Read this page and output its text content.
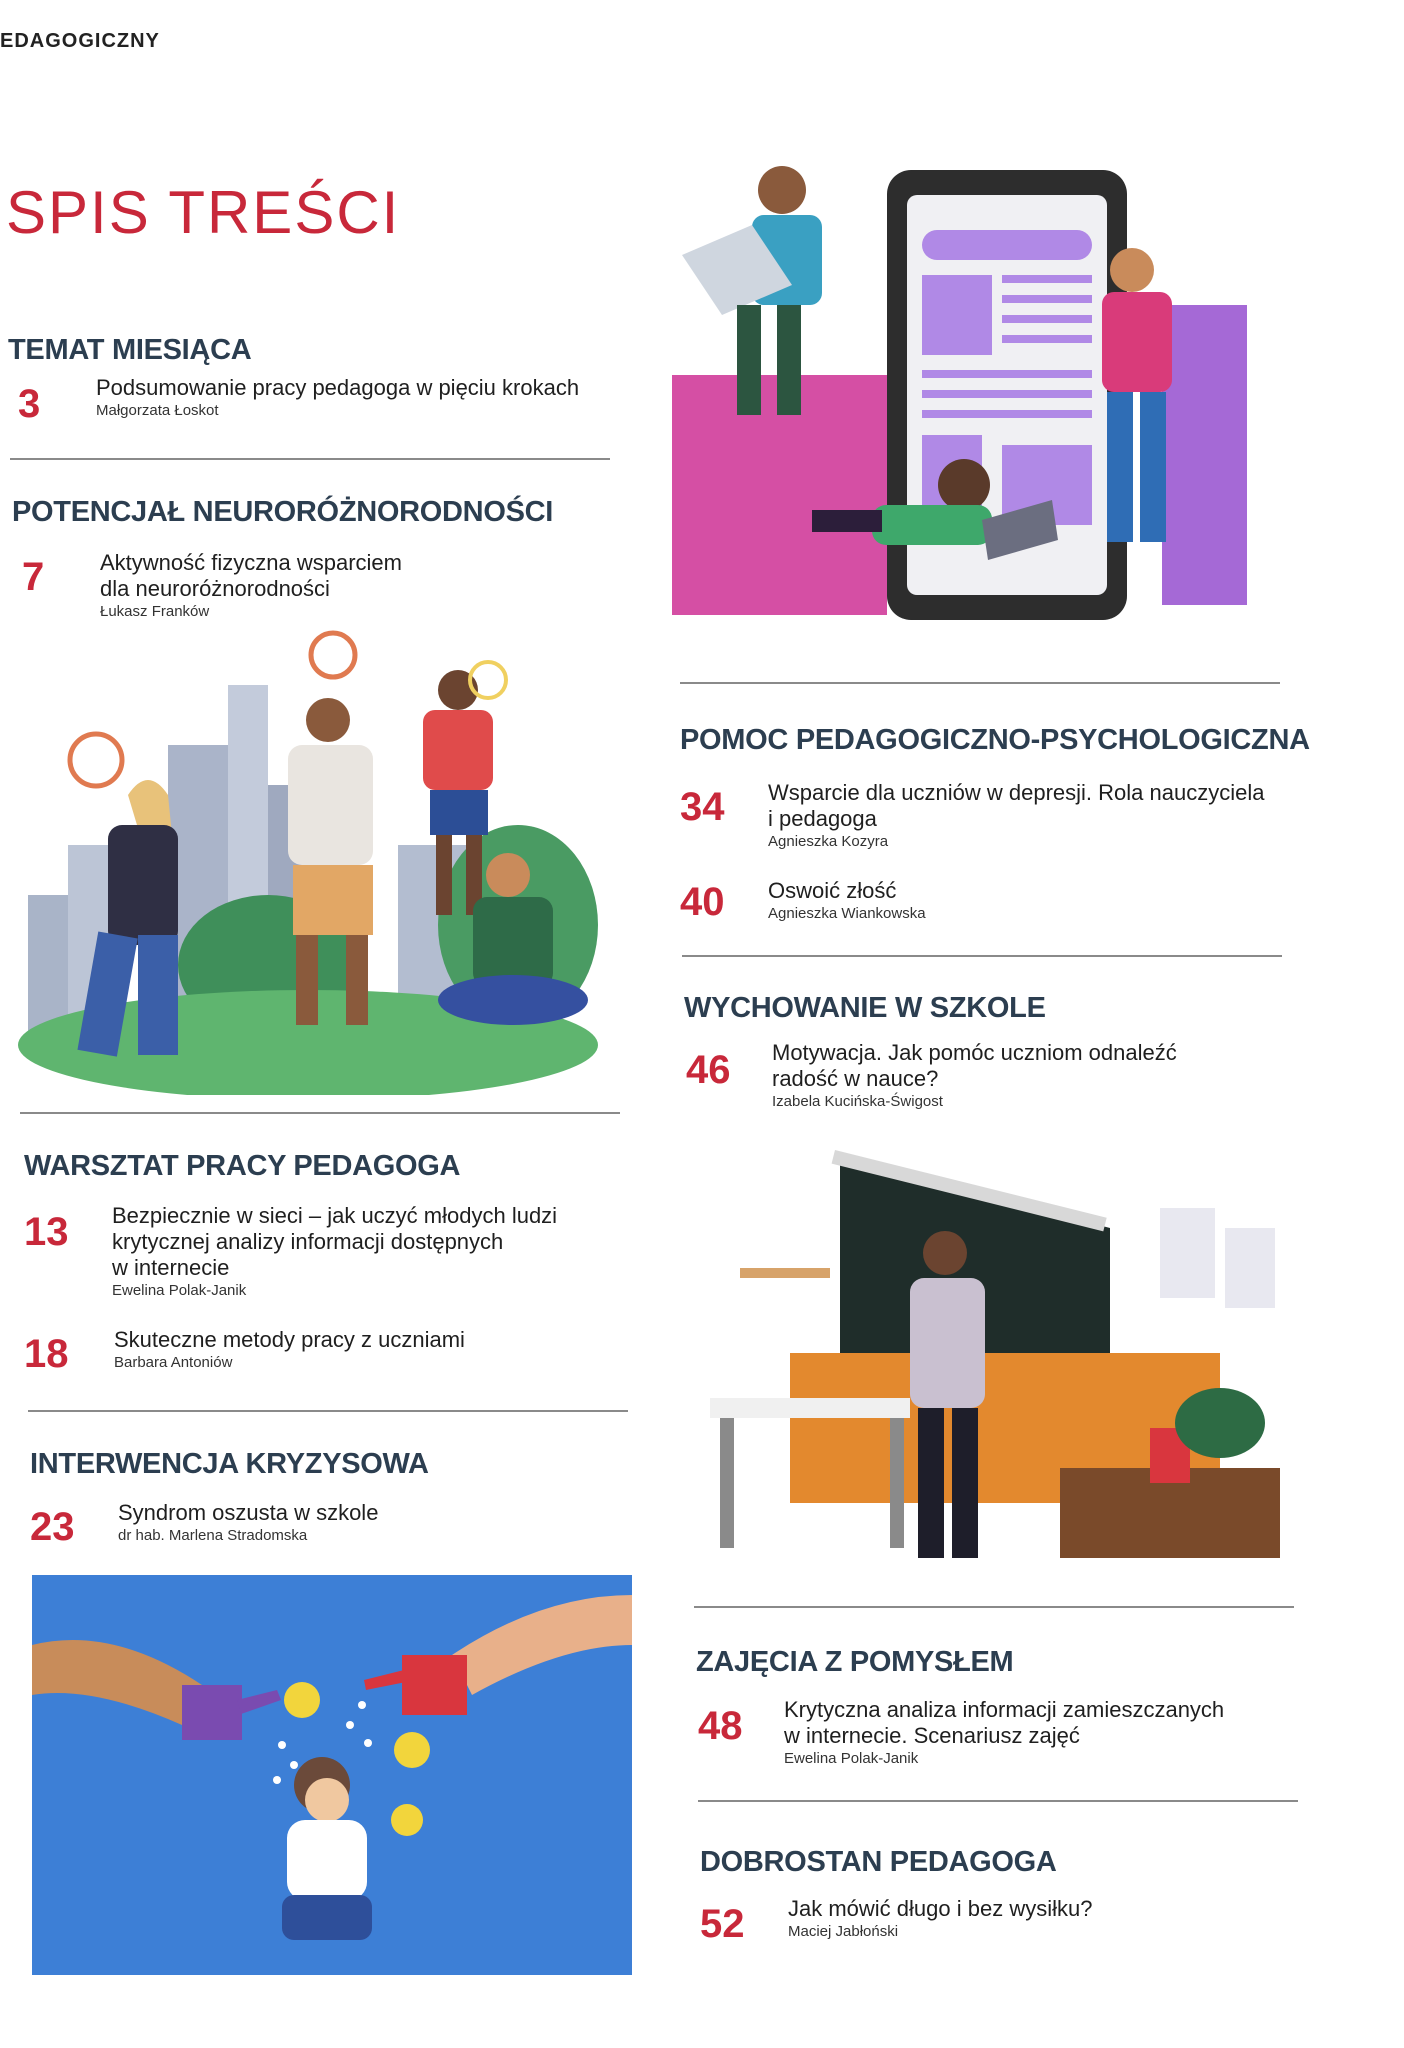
EDAGOGICZNY
SPIS TREŚCI
TEMAT MIESIĄCA
3	Podsumowanie pracy pedagoga w pięciu krokach
Małgorzata Łoskot
POTENCJAŁ NEURORÓŻNORODNOŚCI
7	Aktywność fizyczna wsparciem
dla neuroróżnorodności
Łukasz Franków
WARSZTAT PRACY PEDAGOGA
13 Bezpiecznie w sieci – jak uczyć młodych ludzi
krytycznej analizy informacji dostępnych
w internecie
Ewelina Polak-Janik
18 Skuteczne metody pracy z uczniami
Barbara Antoniów
INTERWENCJA KRYZYSOWA
23 Syndrom oszusta w szkole
dr hab. Marlena Stradomska
POMOC PEDAGOGICZNO-PSYCHOLOGICZNA
34 Wsparcie dla uczniów w depresji. Rola nauczyciela
i pedagoga
Agnieszka Kozyra
40 Oswoić złość
Agnieszka Wiankowska
WYCHOWANIE W SZKOLE
46 Motywacja. Jak pomóc uczniom odnaleźć
radość w nauce?
Izabela Kucińska-Świgost
ZAJĘCIA Z POMYSŁEM
48 Krytyczna analiza informacji zamieszczanych
w internecie. Scenariusz zajęć
Ewelina Polak-Janik
DOBROSTAN PEDAGOGA
52 Jak mówić długo i bez wysiłku?
Maciej Jabłoński
